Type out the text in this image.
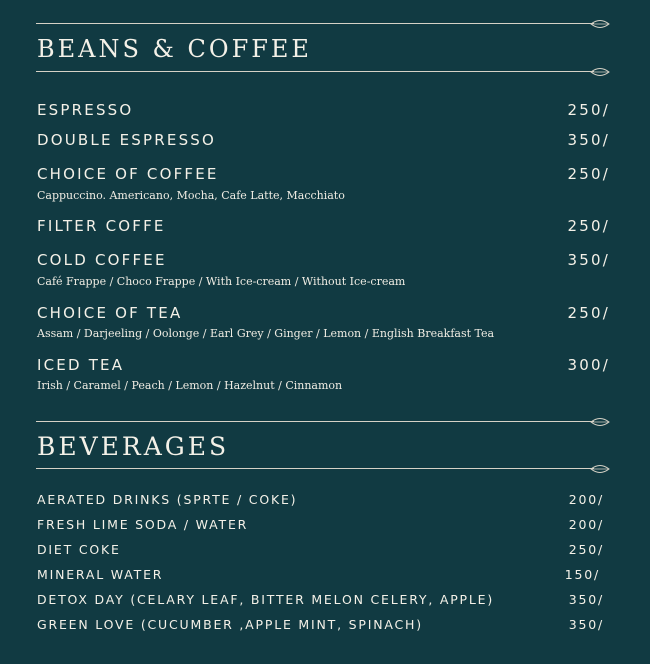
BEANS & COFFEE

ESPRESSO	250/

DOUBLE ESPRESSO	350/

CHOICE OF COFFEE	250/

Cappuccino. Americano, Mocha, Cafe Latte, Macchiato

FILTER COFFE	250/

COLD COFFEE	350/

Café Frappe / Choco Frappe / With Ice-cream / Without Ice-cream

CHOICE OF TEA	250/

Assam / Darjeeling / Oolonge / Earl Grey / Ginger / Lemon / English Breakfast Tea

ICED TEA	300/

Irish / Caramel / Peach / Lemon / Hazelnut / Cinnamon

BEVERAGES

AERATED DRINKS (SPRTE / COKE)	200/

FRESH LIME SODA / WATER	200/

DIET COKE	250/

MINERAL WATER	150/

DETOX DAY (CELARY LEAF, BITTER MELON CELERY, APPLE)	350/

GREEN LOVE (CUCUMBER ,APPLE MINT, SPINACH)	350/
